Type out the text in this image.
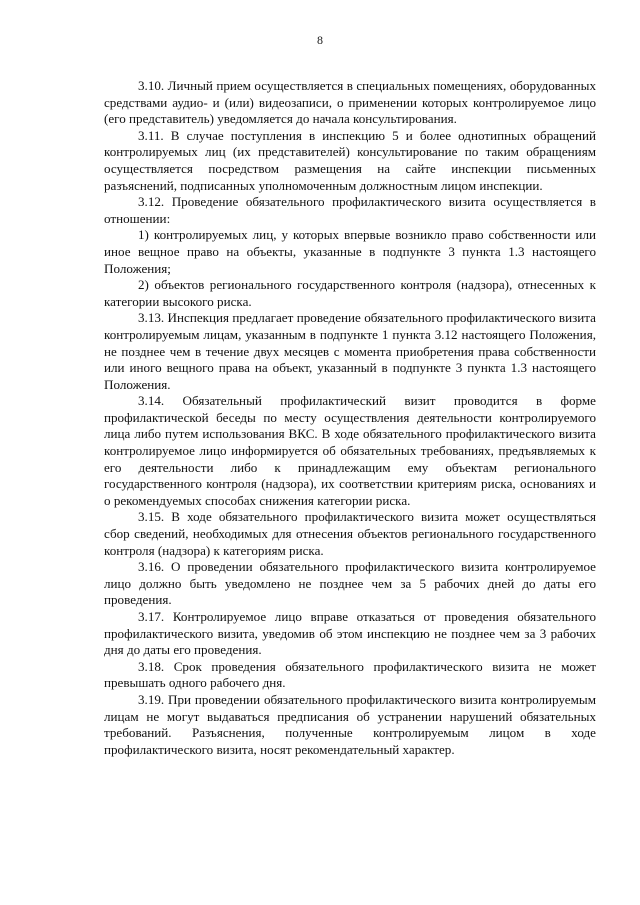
8

3.10. Личный прием осуществляется в специальных помещениях, оборудованных средствами аудио- и (или) видеозаписи, о применении которых контролируемое лицо (его представитель) уведомляется до начала консультирования.

3.11. В случае поступления в инспекцию 5 и более однотипных обращений контролируемых лиц (их представителей) консультирование по таким обращениям осуществляется посредством размещения на сайте инспекции письменных разъяснений, подписанных уполномоченным должностным лицом инспекции.

3.12. Проведение обязательного профилактического визита осуществляется в отношении:

1) контролируемых лиц, у которых впервые возникло право собственности или иное вещное право на объекты, указанные в подпункте 3 пункта 1.3 настоящего Положения;

2) объектов регионального государственного контроля (надзора), отнесенных к категории высокого риска.

3.13. Инспекция предлагает проведение обязательного профилактического визита контролируемым лицам, указанным в подпункте 1 пункта 3.12 настоящего Положения, не позднее чем в течение двух месяцев с момента приобретения права собственности или иного вещного права на объект, указанный в подпункте 3 пункта 1.3 настоящего Положения.

3.14. Обязательный профилактический визит проводится в форме профилактической беседы по месту осуществления деятельности контролируемого лица либо путем использования ВКС. В ходе обязательного профилактического визита контролируемое лицо информируется об обязательных требованиях, предъявляемых к его деятельности либо к принадлежащим ему объектам регионального государственного контроля (надзора), их соответствии критериям риска, основаниях и о рекомендуемых способах снижения категории риска.

3.15. В ходе обязательного профилактического визита может осуществляться сбор сведений, необходимых для отнесения объектов регионального государственного контроля (надзора) к категориям риска.

3.16. О проведении обязательного профилактического визита контролируемое лицо должно быть уведомлено не позднее чем за 5 рабочих дней до даты его проведения.

3.17. Контролируемое лицо вправе отказаться от проведения обязательного профилактического визита, уведомив об этом инспекцию не позднее чем за 3 рабочих дня до даты его проведения.

3.18. Срок проведения обязательного профилактического визита не может превышать одного рабочего дня.

3.19. При проведении обязательного профилактического визита контролируемым лицам не могут выдаваться предписания об устранении нарушений обязательных требований. Разъяснения, полученные контролируемым лицом в ходе профилактического визита, носят рекомендательный характер.
